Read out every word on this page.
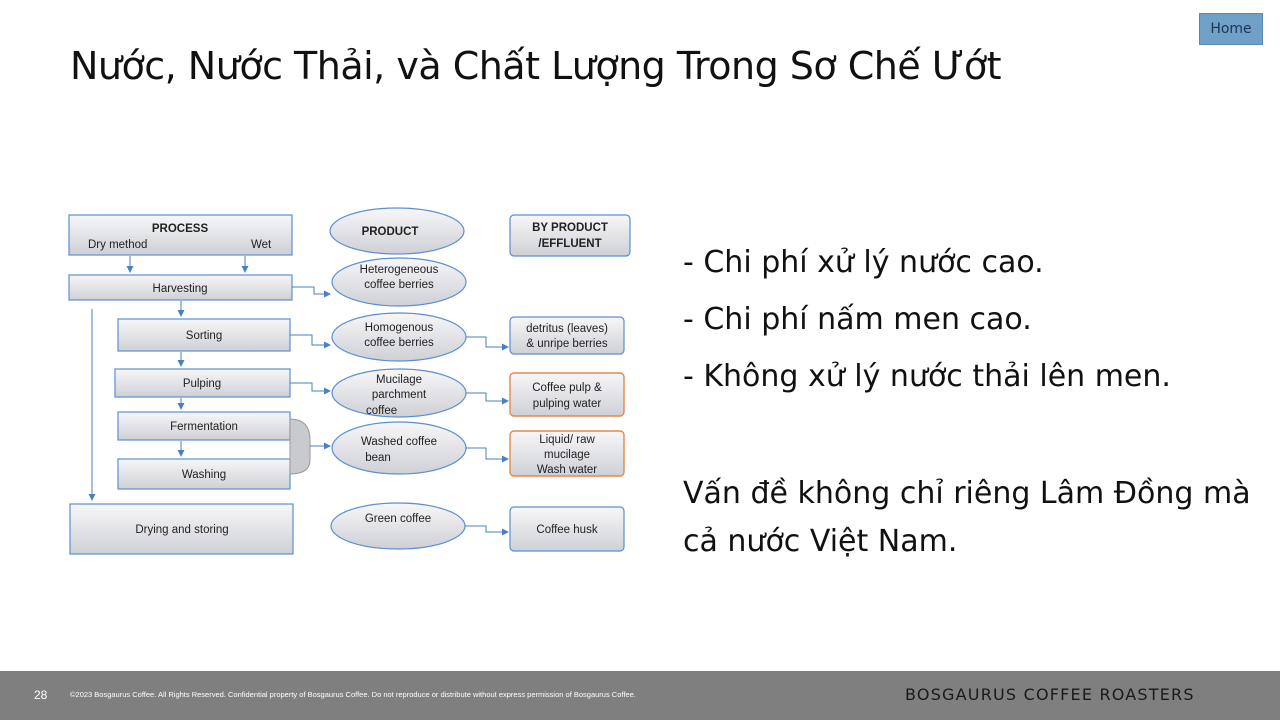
Home
Nước, Nước Thải, và Chất Lượng Trong Sơ Chế Ướt
PROCESS
Dry method	Wet
Harvesting
Sorting
Pulping
Fermentation
Washing
Drying and storing
PRODUCT
Heterogeneous
coffee berries
Homogenous
coffee berries
Mucilage
parchment
coffee
Washed coffee
bean
Green coffee
BY PRODUCT
/EFFLUENT
detritus (leaves)
& unripe berries
Coffee pulp &
pulping water
Liquid/ raw
mucilage
Wash water
Coffee husk
- Chi phí xử lý nước cao.
- Chi phí nấm men cao.
- Không xử lý nước thải lên men.

Vấn đề không chỉ riêng Lâm Đồng mà cả nước Việt Nam.

28	©2023 Bosgaurus Coffee. All Rights Reserved. Confidential property of Bosgaurus Coffee. Do not reproduce or distribute without express permission of Bosgaurus Coffee.	BOSGAURUS COFFEE ROASTERS
